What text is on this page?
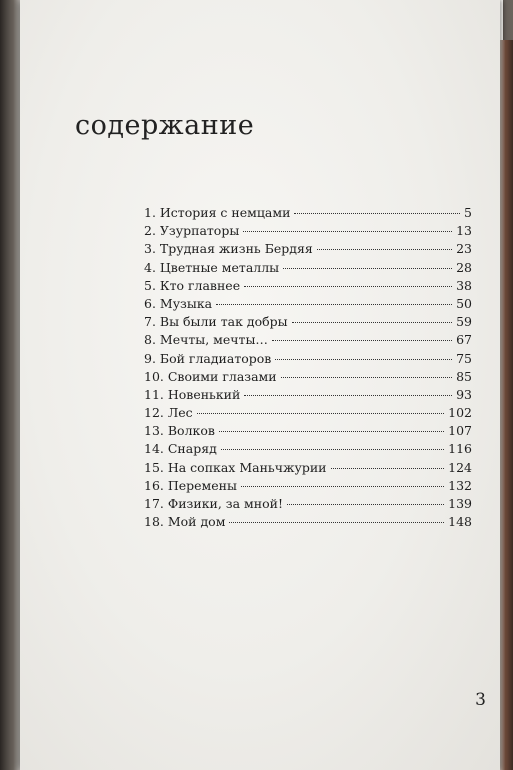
содержание
1. История с немцами	5
2. Узурпаторы	13
3. Трудная жизнь Бердяя	23
4. Цветные металлы	28
5. Кто главнее	38
6. Музыка	50
7. Вы были так добры	59
8. Мечты, мечты…	67
9. Бой гладиаторов	75
10. Своими глазами	85
11. Новенький	93
12. Лес	102
13. Волков	107
14. Снаряд	116
15. На сопках Маньчжурии	124
16. Перемены	132
17. Физики, за мной!	139
18. Мой дом	148
3
